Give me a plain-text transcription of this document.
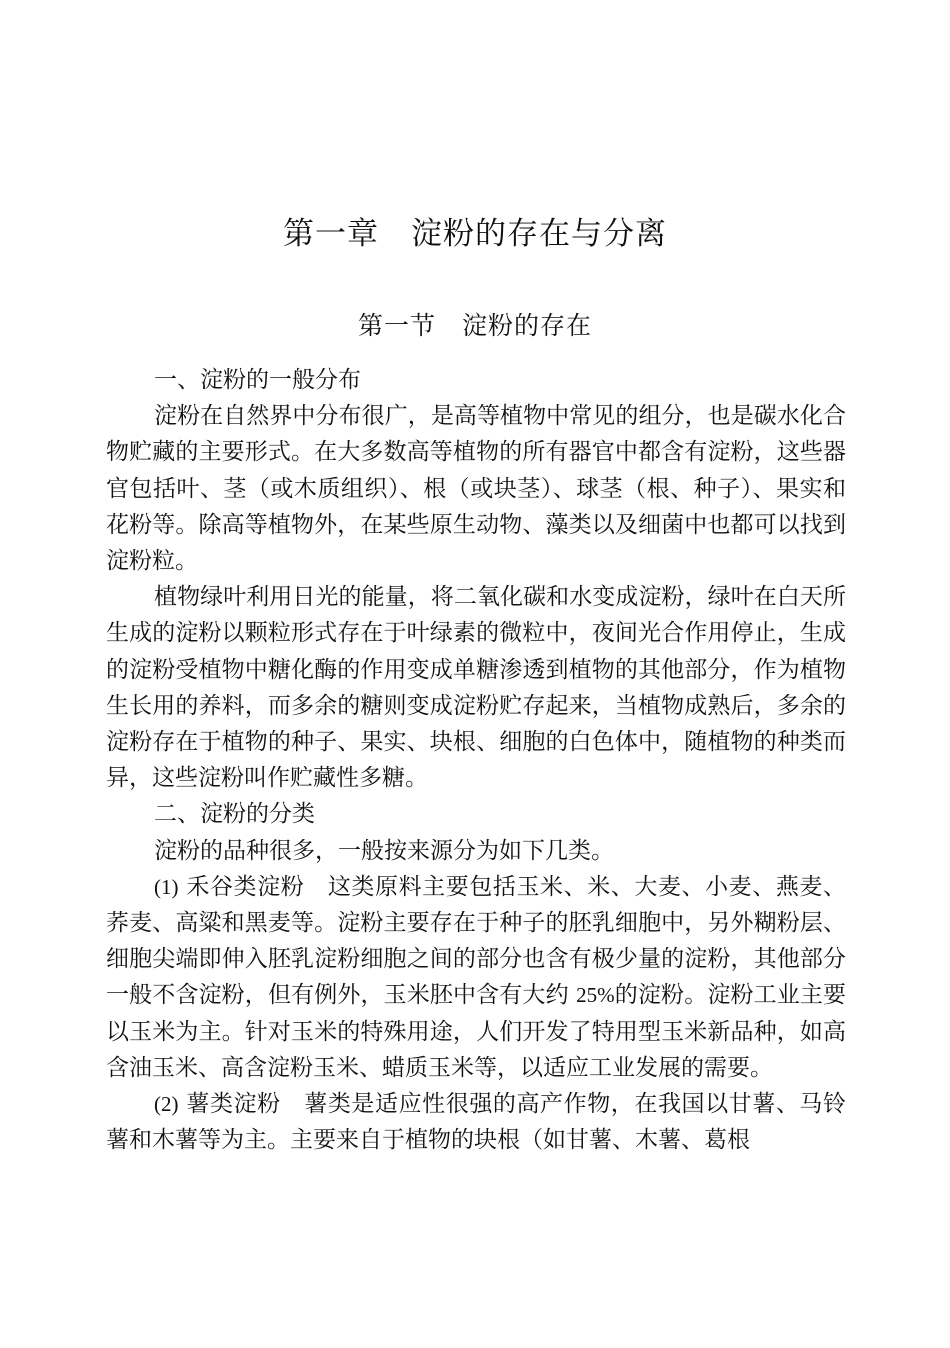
第一章　淀粉的存在与分离
第一节　淀粉的存在

一、淀粉的一般分布

淀粉在自然界中分布很广，是高等植物中常见的组分，也是碳水化合物贮藏的主要形式。在大多数高等植物的所有器官中都含有淀粉，这些器官包括叶、茎（或木质组织）、根（或块茎）、球茎（根、种子）、果实和花粉等。除高等植物外，在某些原生动物、藻类以及细菌中也都可以找到淀粉粒。

植物绿叶利用日光的能量，将二氧化碳和水变成淀粉，绿叶在白天所生成的淀粉以颗粒形式存在于叶绿素的微粒中，夜间光合作用停止，生成的淀粉受植物中糖化酶的作用变成单糖渗透到植物的其他部分，作为植物生长用的养料，而多余的糖则变成淀粉贮存起来，当植物成熟后，多余的淀粉存在于植物的种子、果实、块根、细胞的白色体中，随植物的种类而异，这些淀粉叫作贮藏性多糖。

二、淀粉的分类

淀粉的品种很多，一般按来源分为如下几类。

(1) 禾谷类淀粉　这类原料主要包括玉米、米、大麦、小麦、燕麦、荞麦、高粱和黑麦等。淀粉主要存在于种子的胚乳细胞中，另外糊粉层、细胞尖端即伸入胚乳淀粉细胞之间的部分也含有极少量的淀粉，其他部分一般不含淀粉，但有例外，玉米胚中含有大约 25%的淀粉。淀粉工业主要以玉米为主。针对玉米的特殊用途，人们开发了特用型玉米新品种，如高含油玉米、高含淀粉玉米、蜡质玉米等，以适应工业发展的需要。

(2) 薯类淀粉　薯类是适应性很强的高产作物，在我国以甘薯、马铃薯和木薯等为主。主要来自于植物的块根（如甘薯、木薯、葛根
